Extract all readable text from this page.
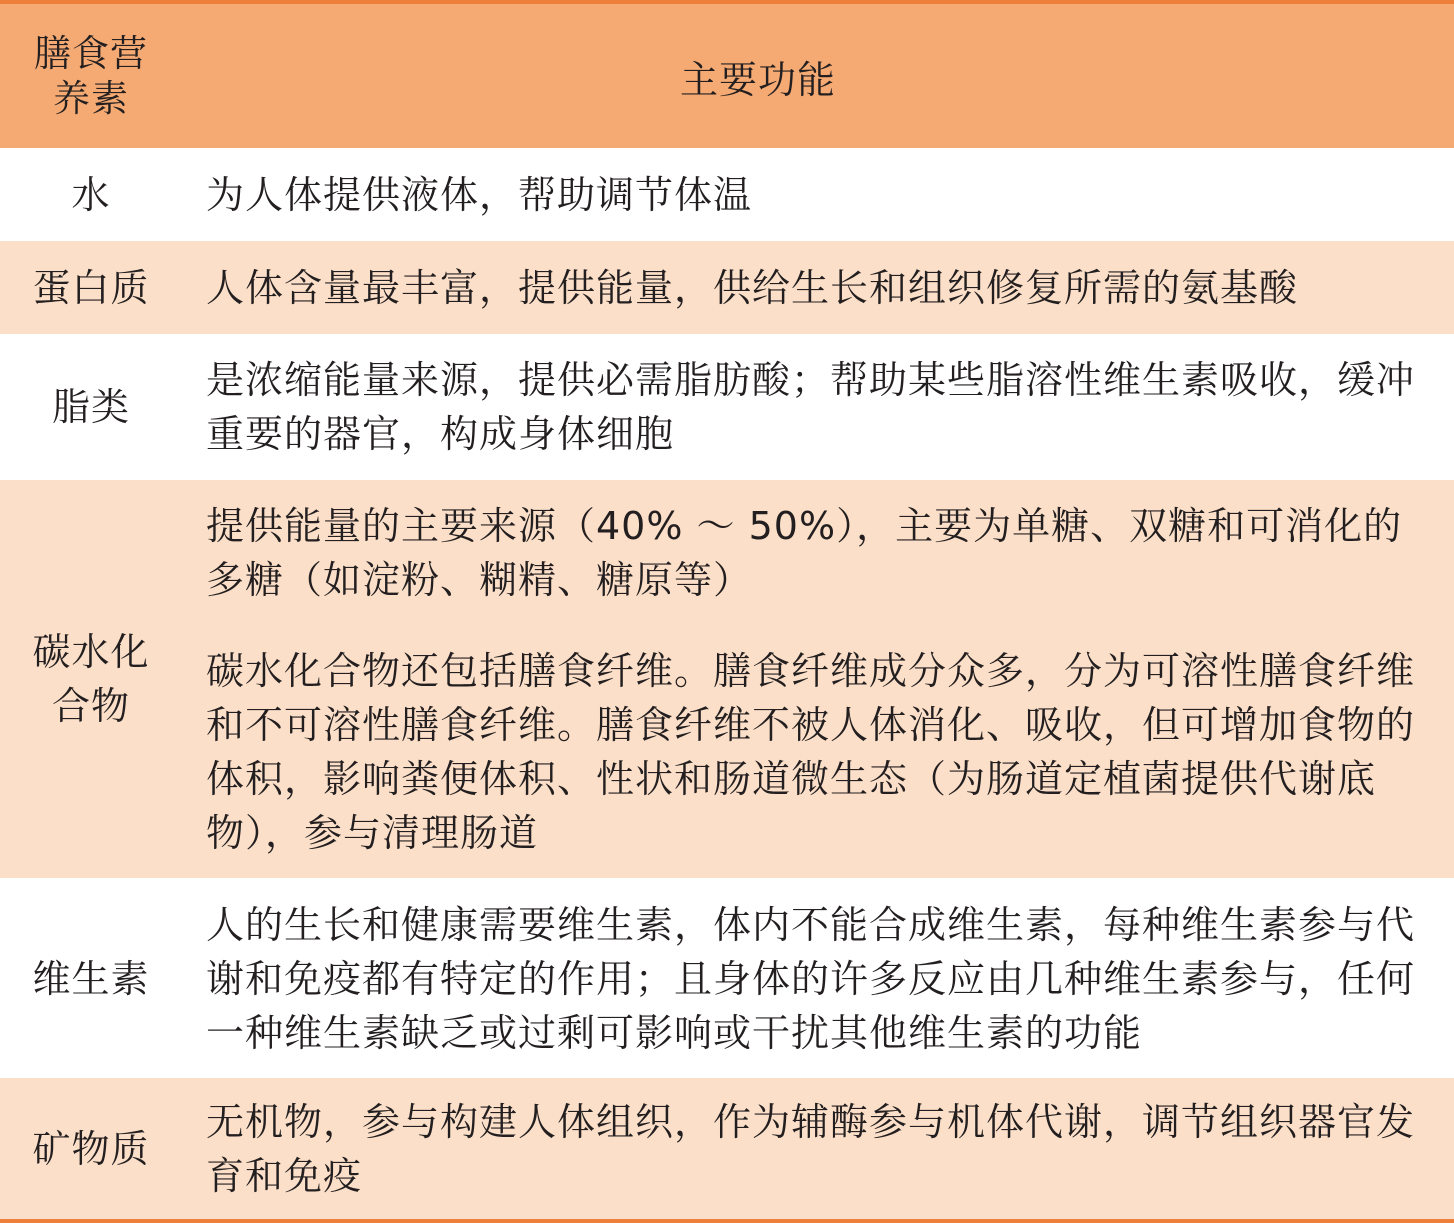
膳食营
养素	主要功能
水	为人体提供液体，帮助调节体温
蛋白质 人体含量最丰富，提供能量，供给生长和组织修复所需的氨基酸
脂类
是浓缩能量来源，提供必需脂肪酸；帮助某些脂溶性维生素吸收，缓冲重要的器官，构成身体细胞
碳水化
合物
提供能量的主要来源（40% ～ 50%），主要为单糖、双糖和可消化的多糖（如淀粉、糊精、糖原等）
碳水化合物还包括膳食纤维。膳食纤维成分众多，分为可溶性膳食纤维和不可溶性膳食纤维。膳食纤维不被人体消化、吸收，但可增加食物的体积，影响粪便体积、性状和肠道微生态（为肠道定植菌提供代谢底物），参与清理肠道
维生素
人的生长和健康需要维生素，体内不能合成维生素，每种维生素参与代谢和免疫都有特定的作用；且身体的许多反应由几种维生素参与，任何一种维生素缺乏或过剩可影响或干扰其他维生素的功能
矿物质
无机物，参与构建人体组织，作为辅酶参与机体代谢，调节组织器官发育和免疫
